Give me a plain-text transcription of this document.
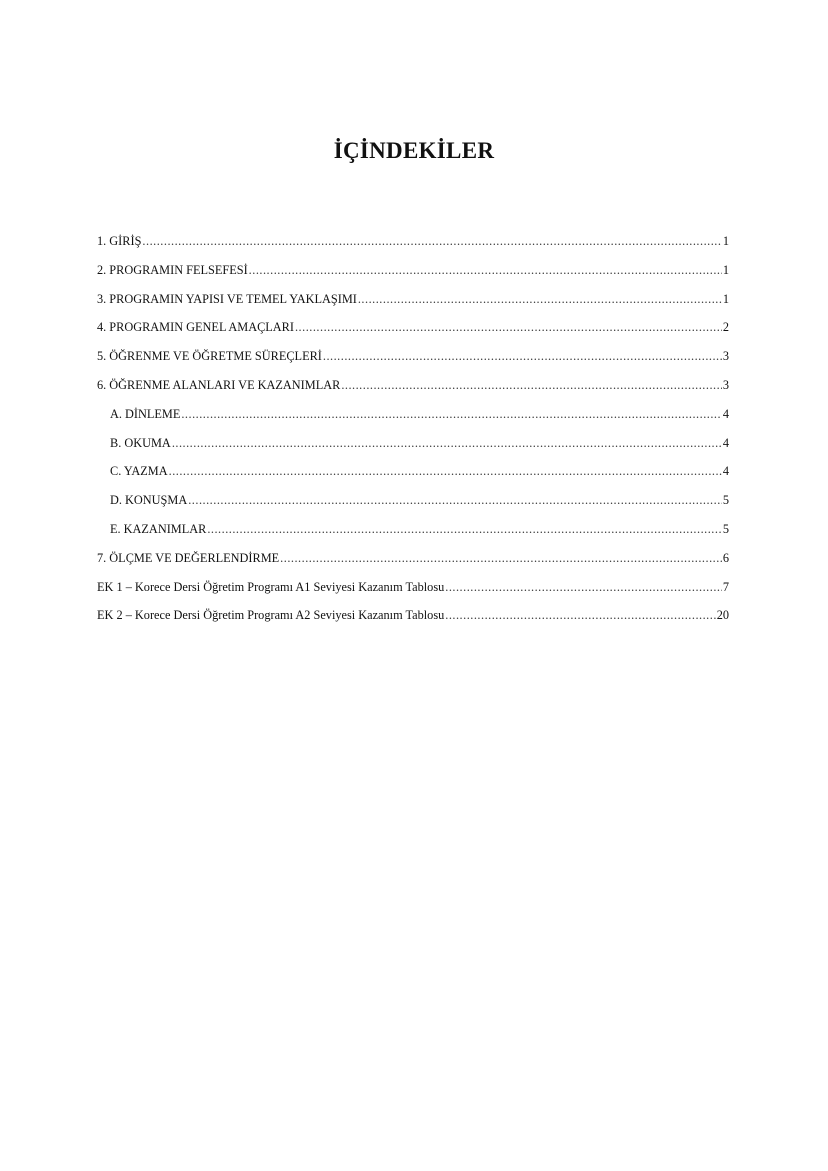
İÇİNDEKİLER
1. GİRİŞ .....	1
2. PROGRAMIN FELSEFESİ .....	1
3. PROGRAMIN YAPISI VE TEMEL YAKLAŞIMI .....	1
4. PROGRAMIN GENEL AMAÇLARI .....	2
5. ÖĞRENME VE ÖĞRETME SÜREÇLERİ .....	3
6. ÖĞRENME ALANLARI VE KAZANIMLAR .....	3
A. DİNLEME .....	4
B. OKUMA .....	4
C. YAZMA .....	4
D. KONUŞMA .....	5
E. KAZANIMLAR .....	5
7. ÖLÇME VE DEĞERLENDİRME .....	6
EK 1 – Korece Dersi Öğretim Programı A1 Seviyesi Kazanım Tablosu .....	7
EK 2 – Korece Dersi Öğretim Programı A2 Seviyesi Kazanım Tablosu .....	20
